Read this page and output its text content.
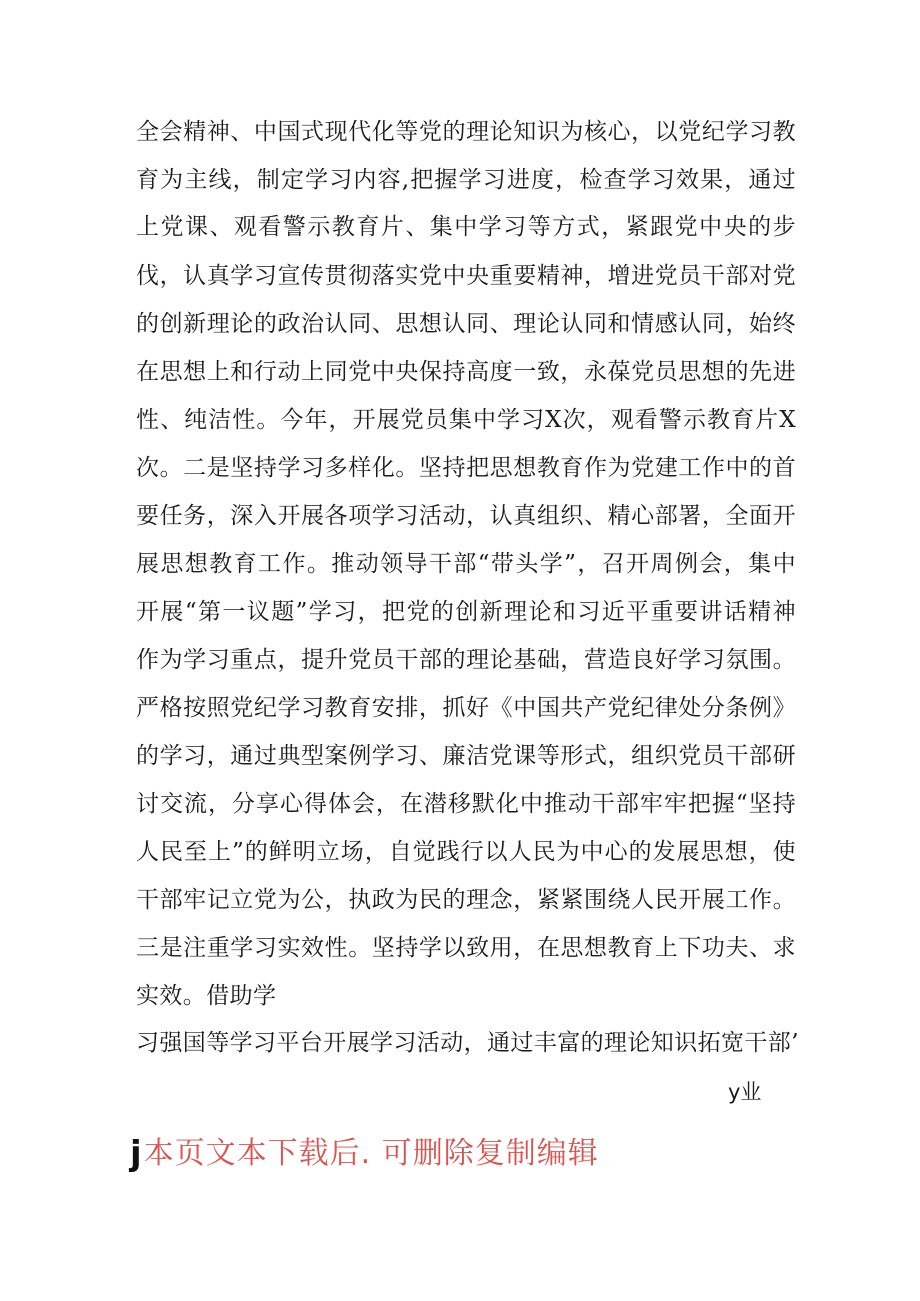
全会精神、中国式现代化等党的理论知识为核心，以党纪学习教
育为主线，制定学习内容,把握学习进度，检查学习效果，通过
上党课、观看警示教育片、集中学习等方式，紧跟党中央的步
伐，认真学习宣传贯彻落实党中央重要精神，增进党员干部对党
的创新理论的政治认同、思想认同、理论认同和情感认同，始终
在思想上和行动上同党中央保持高度一致，永葆党员思想的先进
性、纯洁性。今年，开展党员集中学习X次，观看警示教育片X
次。二是坚持学习多样化。坚持把思想教育作为党建工作中的首
要任务，深入开展各项学习活动，认真组织、精心部署，全面开
展思想教育工作。推动领导干部“带头学”，召开周例会，集中
开展“第一议题”学习，把党的创新理论和习近平重要讲话精神
作为学习重点，提升党员干部的理论基础，营造良好学习氛围。
严格按照党纪学习教育安排，抓好《中国共产党纪律处分条例》
的学习，通过典型案例学习、廉洁党课等形式，组织党员干部研
讨交流，分享心得体会，在潜移默化中推动干部牢牢把握“坚持
人民至上”的鲜明立场，自觉践行以人民为中心的发展思想，使
干部牢记立党为公，执政为民的理念，紧紧围绕人民开展工作。
三是注重学习实效性。坚持学以致用，在思想教育上下功夫、求
实效。借助学
习强国等学习平台开展学习活动，通过丰富的理论知识拓宽干部’
y业
j 本页文本下载后. 可删除复制编辑
